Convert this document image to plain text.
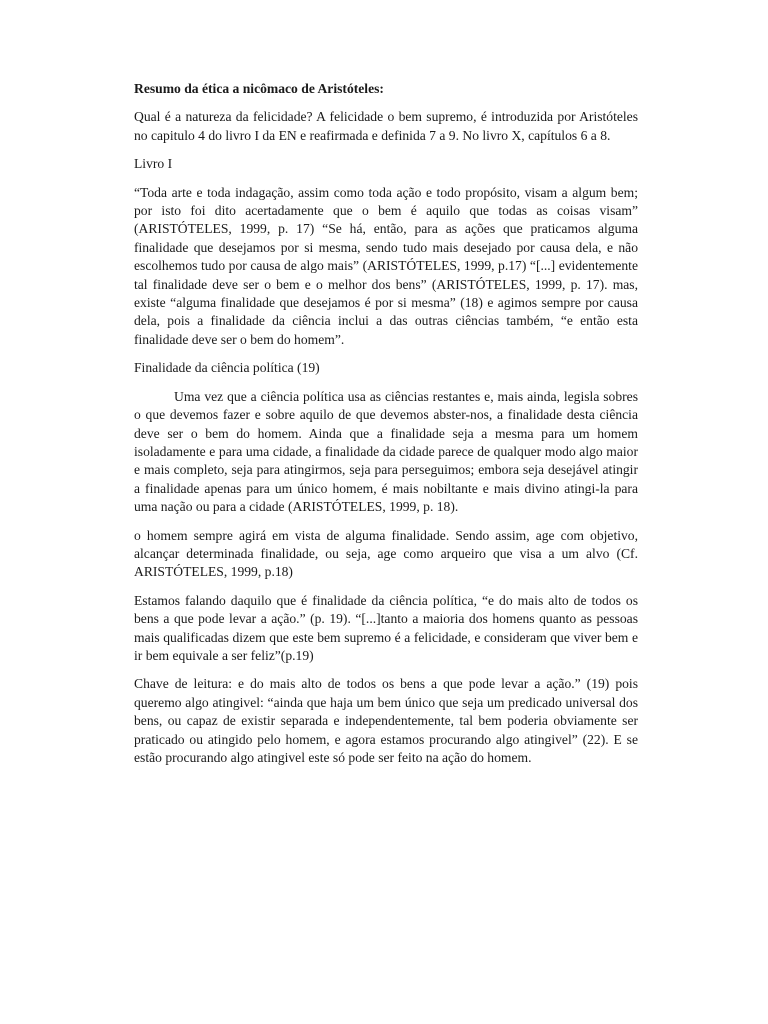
Resumo da ética a nicômaco de Aristóteles:

Qual é a natureza da felicidade? A felicidade o bem supremo, é introduzida por Aristóteles no capitulo 4 do livro I da EN e reafirmada e definida 7 a 9. No livro X, capítulos 6 a 8.

Livro I

“Toda arte e toda indagação, assim como toda ação e todo propósito, visam a algum bem; por isto foi dito acertadamente que o bem é aquilo que todas as coisas visam” (ARISTÓTELES, 1999, p. 17) “Se há, então, para as ações que praticamos alguma finalidade que desejamos por si mesma, sendo tudo mais desejado por causa dela, e não escolhemos tudo por causa de algo mais” (ARISTÓTELES, 1999, p.17) “[...] evidentemente tal finalidade deve ser o bem e o melhor dos bens” (ARISTÓTELES, 1999, p. 17). mas, existe “alguma finalidade que desejamos é por si mesma” (18) e agimos sempre por causa dela, pois a finalidade da ciência inclui a das outras ciências também, “e então esta finalidade deve ser o bem do homem”.

Finalidade da ciência política (19)

Uma vez que a ciência política usa as ciências restantes e, mais ainda, legisla sobres o que devemos fazer e sobre aquilo de que devemos abster-nos, a finalidade desta ciência deve ser o bem do homem. Ainda que a finalidade seja a mesma para um homem isoladamente e para uma cidade, a finalidade da cidade parece de qualquer modo algo maior e mais completo, seja para atingirmos, seja para perseguimos; embora seja desejável atingir a finalidade apenas para um único homem, é mais nobiltante e mais divino atingi-la para uma nação ou para a cidade (ARISTÓTELES, 1999, p. 18).

o homem sempre agirá em vista de alguma finalidade. Sendo assim, age com objetivo, alcançar determinada finalidade, ou seja, age como arqueiro que visa a um alvo (Cf. ARISTÓTELES, 1999, p.18)

Estamos falando daquilo que é finalidade da ciência política, “e do mais alto de todos os bens a que pode levar a ação.” (p. 19). “[...]tanto a maioria dos homens quanto as pessoas mais qualificadas dizem que este bem supremo é a felicidade, e consideram que viver bem e ir bem equivale a ser feliz”(p.19)

Chave de leitura: e do mais alto de todos os bens a que pode levar a ação.” (19) pois queremo algo atingivel: “ainda que haja um bem único que seja um predicado universal dos bens, ou capaz de existir separada e independentemente, tal bem poderia obviamente ser praticado ou atingido pelo homem, e agora estamos procurando algo atingivel” (22). E se estão procurando algo atingivel este só pode ser feito na ação do homem.
